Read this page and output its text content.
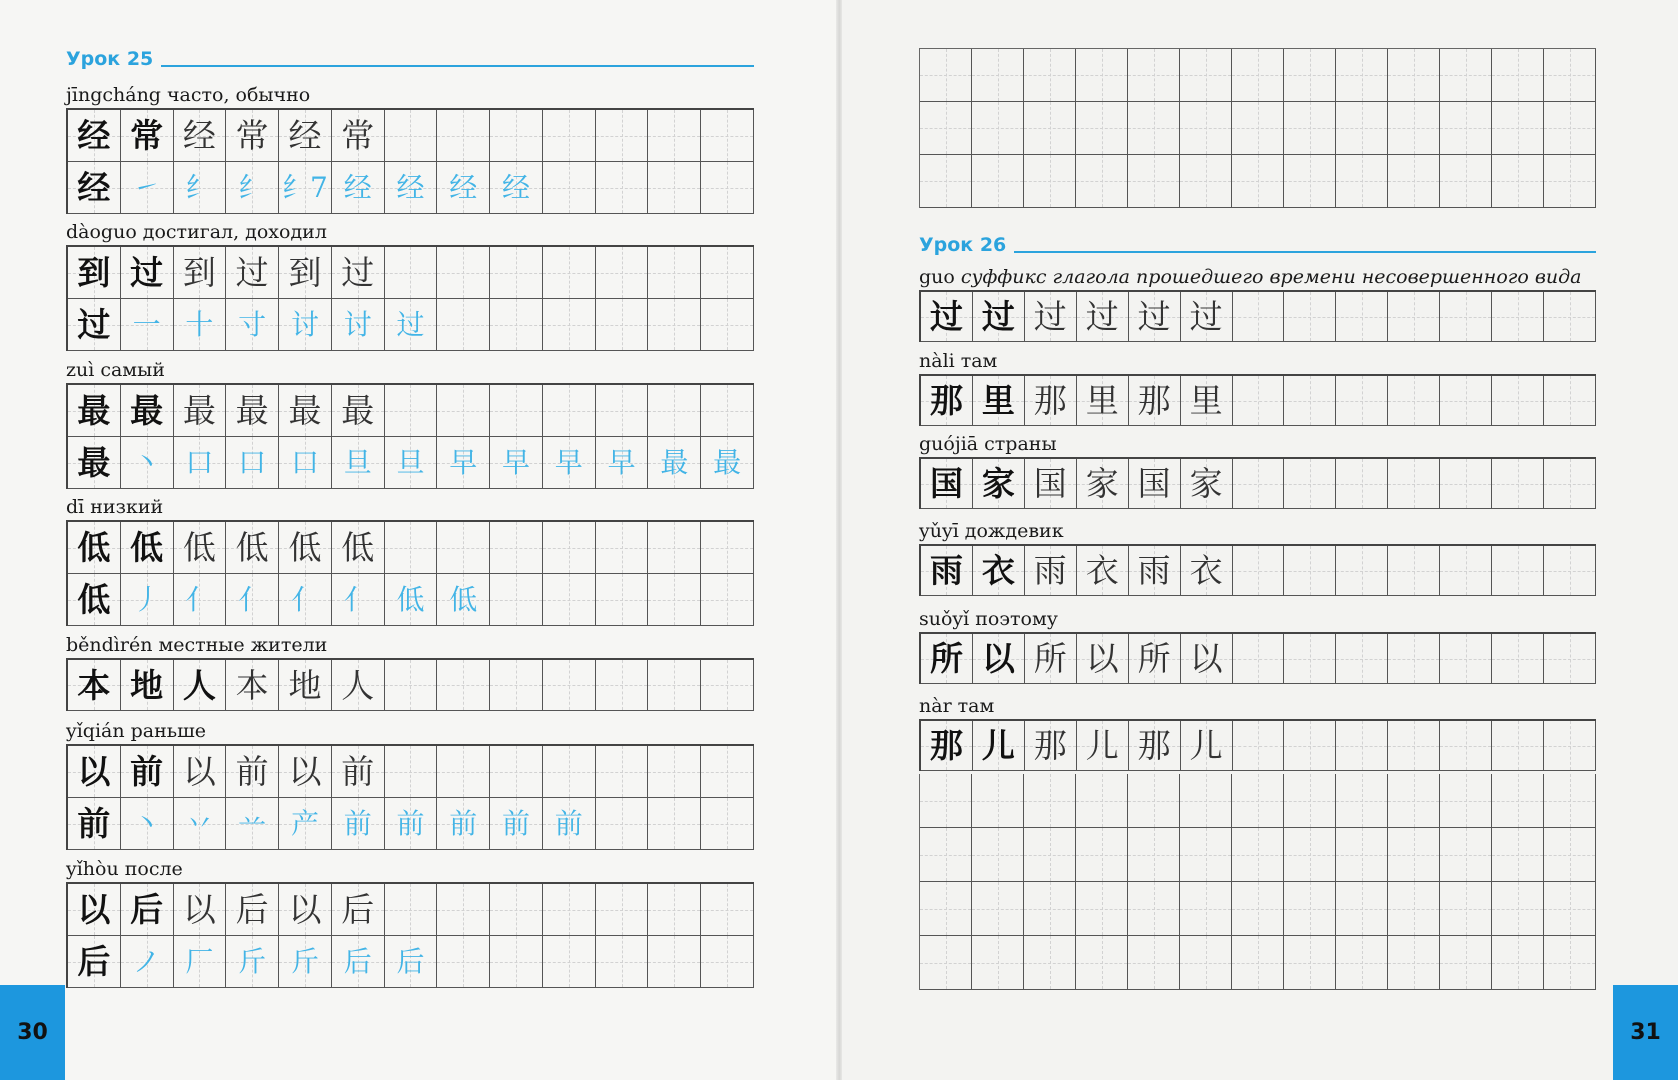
Урок 25
jīngcháng часто, обычно
经 常 经 常 经 常
经 ㇀ 纟 纟 纟7 经 经 经 经
dàoguo достигал, доходил
到 过 到 过 到 过
过 一 十 寸 讨 讨 过
zuì самый
最 最 最 最 最 最
最 丶 口 口 口 旦 旦 早 早 早 早 最 最
dī низкий
低 低 低 低 低 低
低 丿 亻 亻 亻 亻 低 低
běndìrén местные жители
本 地 人 本 地 人
yǐqián раньше
以 前 以 前 以 前
前 丶 丷 䒑 产 前 前 前 前 前
yǐhòu после
以 后 以 后 以 后
后 ノ 厂 斤 斤 后 后
30
Урок 26
guo суффикс глагола прошедшего времени несовершенного вида
过 过 过 过 过 过
nàli там
那 里 那 里 那 里
guójiā страны
国 家 国 家 国 家
yǔyī дождевик
雨 衣 雨 衣 雨 衣
suǒyǐ поэтому
所 以 所 以 所 以
nàr там
那 儿 那 儿 那 儿
31
